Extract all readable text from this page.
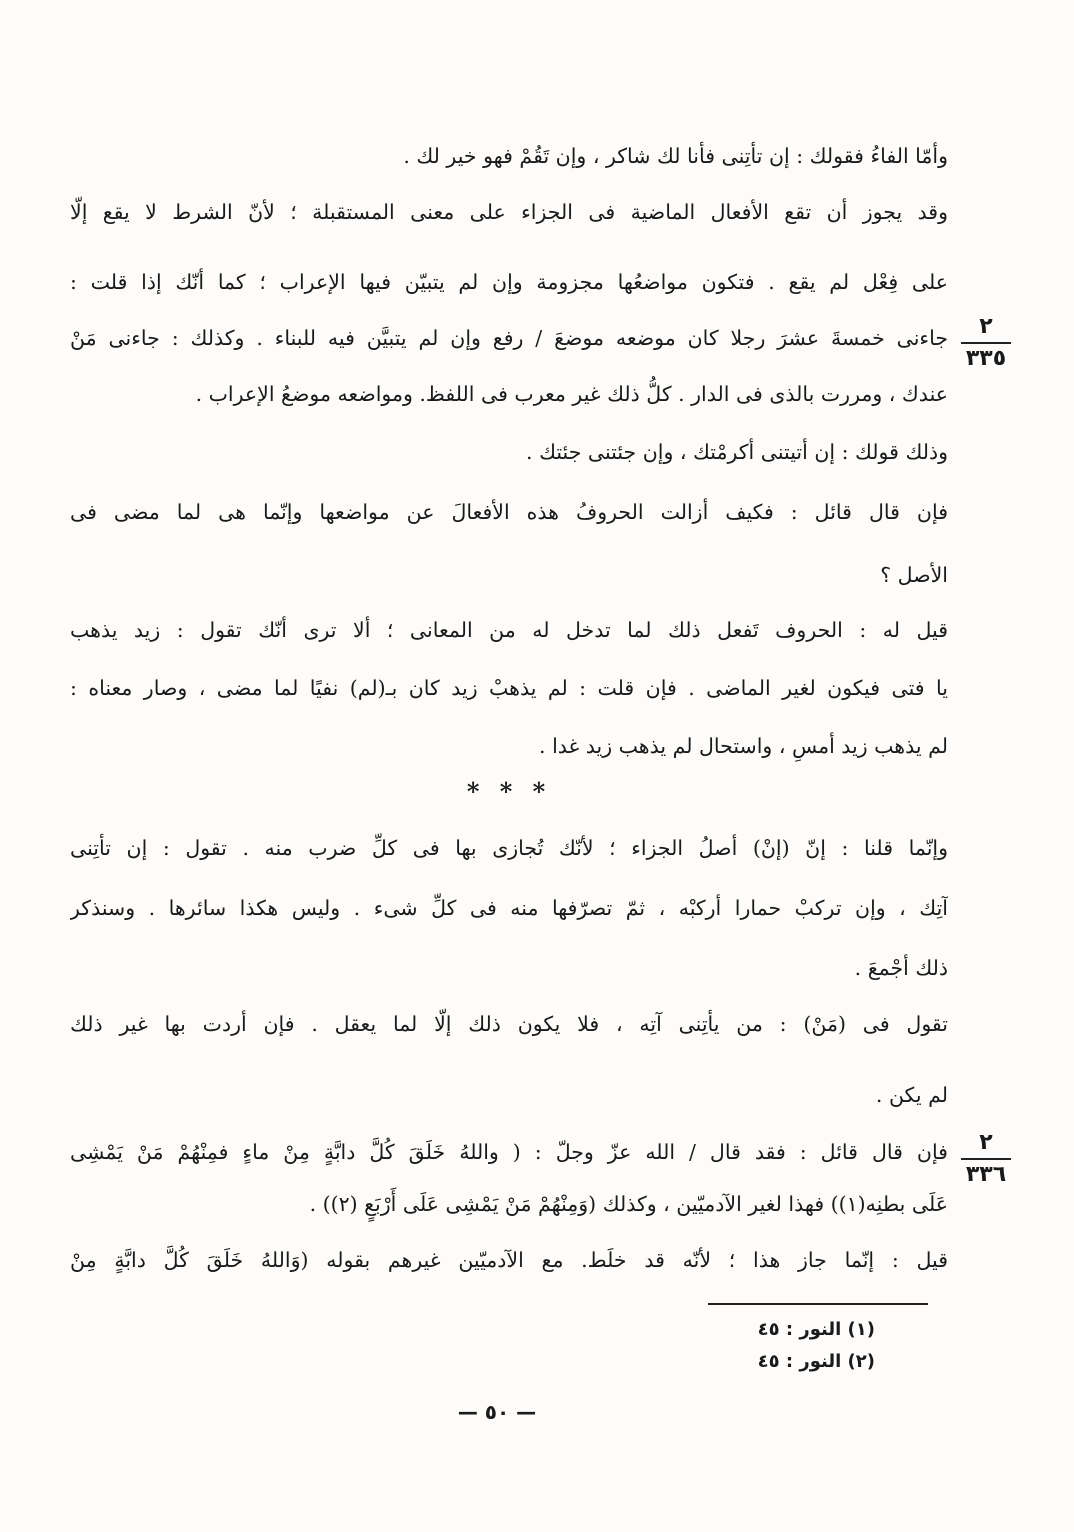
وأمّا الفاءُ فقولك : إن تأتِنى فأنا لك شاكر ، وإن تَقُمْ فهو خير لك .
وقد يجوز أن تقع الأفعال الماضية فى الجزاء على معنى المستقبلة ؛ لأنّ الشرط لا يقع إلّا
على فِعْل لم يقع . فتكون مواضعُها مجزومة وإن لم يتبيّن فيها الإعراب ؛ كما أنّك إذا قلت :
جاءنى خمسةَ عشرَ رجلا كان موضعه موضعَ / رفع وإن لم يتبيَّن فيه للبناء . وكذلك : جاءنى مَنْ
عندك ، ومررت بالذى فى الدار . كلُّ ذلك غير معرب فى اللفظ. ومواضعه موضعُ الإعراب .
وذلك قولك : إن أتيتنى أكرمْتك ، وإن جئتنى جئتك .
فإن قال قائل : فكيف أزالت الحروفُ هذه الأفعالَ عن مواضعها وإنّما هى لما مضى فى
الأصل ؟
قيل له : الحروف تَفعل ذلك لما تدخل له من المعانى ؛ ألا ترى أنّك تقول : زيد يذهب
يا فتى فيكون لغير الماضى . فإن قلت : لم يذهبْ زيد كان بـ(لم) نفيًا لما مضى ، وصار معناه :
لم يذهب زيد أمسِ ، واستحال لم يذهب زيد غدا .
* * *
وإنّما قلنا : إنّ (إنْ) أصلُ الجزاء ؛ لأنّك تُجازى بها فى كلِّ ضرب منه . تقول : إن تأتِنى
آتِك ، وإن تركبْ حمارا أركبْه ، ثمّ تصرّفها منه فى كلِّ شىء . وليس هكذا سائرها . وسنذكر
ذلك أجْمعَ .
تقول فى (مَنْ) : من يأتِنى آتِه ، فلا يكون ذلك إلّا لما يعقل . فإن أردت بها غير ذلك
لم يكن .
فإن قال قائل : فقد قال / الله عزّ وجلّ : ( واللهُ خَلَقَ كُلَّ دابَّةٍ مِنْ ماءٍ فمِنْهُمْ مَنْ يَمْشِى
عَلَى بطنِه(١)) فهذا لغير الآدميّين ، وكذلك (وَمِنْهُمْ مَنْ يَمْشِى عَلَى أَرْبَعٍ (٢)) .
قيل : إنّما جاز هذا ؛ لأنّه قد خلَط. مع الآدميّين غيرهم بقوله (وَاللهُ خَلَقَ كُلَّ دابَّةٍ مِنْ
٢
٣٣٥
٢
٣٣٦
(١) النور : ٤٥
(٢) النور : ٤٥
— ٥٠ —
